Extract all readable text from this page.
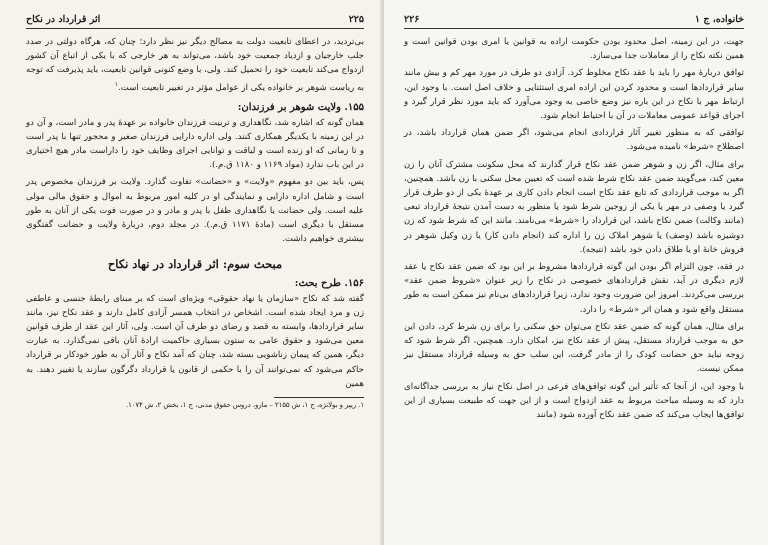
۲۲۵
اثر قرارداد در نکاح

بی‌تردید، در اعطای تابعیت دولت به مصالح دیگر نیز نظر دارد؛ چنان که، هرگاه دولتی در صدد جلب خارجیان و ازدیاد جمعیت خود باشد، می‌تواند به هر خارجی که با یکی از اتباع آن کشور ازدواج می‌کند تابعیت خود را تحمیل کند. ولی، با وضع کنونی قوانین تابعیت، باید پذیرفت که توجه به ریاست شوهر بر خانواده یکی از عوامل مؤثر در تغییر تابعیت است.$^۱$

۱۵۵. ولایت شوهر بر فرزندان:

همان گونه که اشاره شد، نگاهداری و تربیت فرزندان خانواده بر عهدهٔ پدر و مادر است، و آن دو در این زمینه با یکدیگر همکاری کنند. ولی اداره دارایی فرزندان صغیر و محجور تنها با پدر است و تا زمانی که او زنده است و لیاقت و توانایی اجرای وظایف خود را داراست مادر هیچ اختیاری در این باب ندارد (مواد ۱۱۶۹ و ۱۱۸۰ ق.م.).

پس، باید بین دو مفهوم «ولایت» و «حضانت» تفاوت گذارد. ولایت بر فرزندان مخصوص پدر است و شامل اداره دارایی و نمایندگی او در کلیه امور مربوط به اموال و حقوق مالی مولی علیه است. ولی حضانت یا نگاهداری طفل با پدر و مادر و در صورت فوت یکی از آنان به طور مستقل با دیگری است (مادهٔ ۱۱۷۱ ق.م.). در مجلد دوم، دربارهٔ ولایت و حضانت گفتگوی بیشتری خواهیم داشت.

مبحث سوم: اثر قرارداد در نهاد نکاح
۱۵۶. طرح بحث:

گفته شد که نکاح «سازمان یا نهاد حقوقی» ویژه‌ای است که بر مبنای رابطهٔ جنسی و عاطفی زن و مرد ایجاد شده است. اشخاص در انتخاب همسر آزادی کامل دارند و عقد نکاح نیز، مانند سایر قراردادها، وابسته به قصد و رضای دو طرف آن است. ولی، آثار این عقد از طرف قوانین معین می‌شود و حقوق عامی به ستون بسیاری حاکمیت ارادهٔ آنان باقی نمی‌گذارد. به عبارت دیگر، همین که پیمان زناشویی بسته شد، چنان که آمد نکاح و آثار آن به طور خودکار بر قرارداد حاکم می‌شود که نمی‌توانند آن را با حکمی از قانون یا قرارداد دگرگون سازند یا تغییر دهند. به همین

۱. ریپر و بولانژه، ج ۱، ش ۲۱۵۵ – مازو، دروس حقوق مدنی، ج ۱، بخش ۲، ش ۱۰۷۴.

خانواده، ج ۱
۲۲۶

جهت، در این زمینه، اصل محدود بودن حکومت اراده به قوانین یا امری بودن قوانین است و همین نکته نکاح را از معاملات جدا می‌سازد.

توافق دربارهٔ مهر را باید با عقد نکاح مخلوط کرد. آزادی دو طرف در مورد مهر کم و بیش مانند سایر قراردادها است و محدود کردن این اراده امری استثنایی و خلاف اصل است. با وجود این، ارتباط مهر با نکاح در این باره نیز وضع خاصی به وجود می‌آورد که باید مورد نظر قرار گیرد و اجرای قواعد عمومی معاملات در آن با احتیاط انجام شود.

توافقی که به منظور تغییر آثار قراردادی انجام می‌شود، اگر ضمن همان قرارداد باشد، در اصطلاح «شرط» نامیده می‌شود.

برای مثال، اگر زن و شوهر ضمن عقد نکاح قرار گذارند که محل سکونت مشترک آنان را زن معین کند، می‌گویند ضمن عقد نکاح شرط شده است که تعیین محل سکنی با زن باشد. همچنین، اگر به موجب قراردادی که تابع عقد نکاح است انجام دادن کاری بر عهدهٔ یکی از دو طرف قرار گیرد یا وصفی در مهر یا یکی از زوجین شرط شود یا منظور به دست آمدن نتیجهٔ قرارداد تبعی (مانند وکالت) ضمن نکاح باشد، این قرارداد را «شرط» می‌نامند. مانند این که شرط شود که زن دوشیزه باشد (وصف) یا شوهر املاک زن را اداره کند (انجام دادن کار) یا زن وکیل شوهر در فروش خانهٔ او یا طلاق دادن خود باشد (نتیجه).

در فقه، چون التزام اگر بودن این گونه قراردادها مشروط بر این بود که ضمن عقد نکاح یا عقد لازم دیگری در آید، نقش قراردادهای خصوصی در نکاح را زیر عنوان «شروط ضمن عقد» بررسی می‌کردند. امروز این ضرورت وجود ندارد، زیرا قراردادهای بی‌نام نیز ممکن است به طور مستقل واقع شود و همان اثر «شرط» را دارد.

برای مثال، همان گونه که ضمن عقد نکاح می‌توان حق سکنی را برای زن شرط کرد، دادن این حق به موجب قرارداد مستقل، پیش از عقد نکاح نیز، امکان دارد. همچنین، اگر شرط شود که زوجه نباید حق حضانت کودک را از مادر گرفت، این سلب حق به وسیله قرارداد مستقل نیز ممکن نیست.

با وجود این، از آنجا که تأثیر این گونه توافق‌های فرعی در اصل نکاح نیاز به بررسی جداگانه‌ای دارد که به وسیله مباحث مربوط به عقد ازدواج است و از این جهت که طبیعت بسیاری از این توافق‌ها ایجاب می‌کند که ضمن عقد نکاح آورده شود (مانند
